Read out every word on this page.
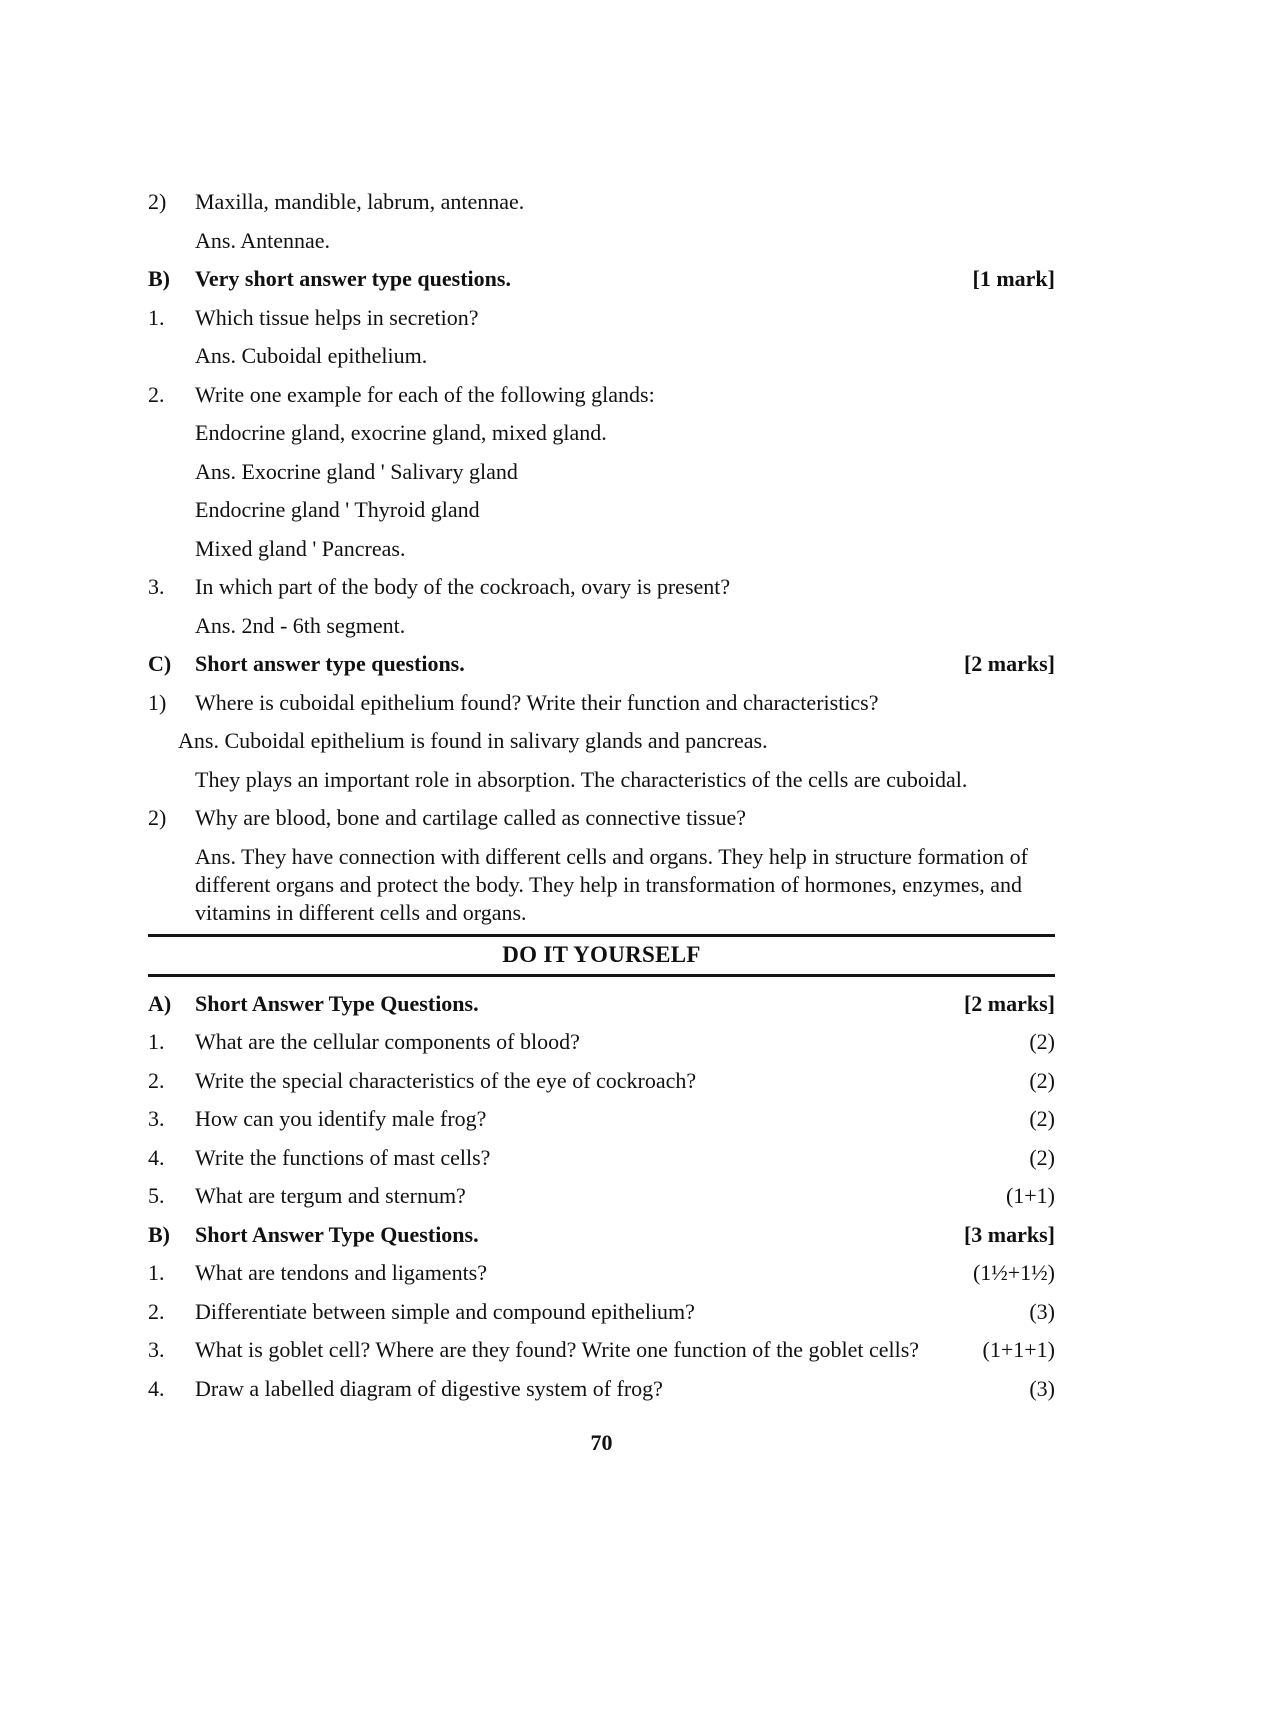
2)	Maxilla, mandible, labrum, antennae.
Ans. Antennae.
B)	Very short answer type questions.	[1 mark]
1.	Which tissue helps in secretion?
Ans. Cuboidal epithelium.
2.	Write one example for each of the following glands:
Endocrine gland, exocrine gland, mixed gland.
Ans. Exocrine gland ' Salivary gland
Endocrine gland ' Thyroid gland
Mixed gland ' Pancreas.
3.	In which part of the body of the cockroach, ovary is present?
Ans. 2nd - 6th segment.
C)	Short answer type questions.	[2 marks]
1)	Where is cuboidal epithelium found? Write their function and characteristics?
Ans. Cuboidal epithelium is found in salivary glands and pancreas.
They plays an important role in absorption. The characteristics of the cells are cuboidal.
2)	Why are blood, bone and cartilage called as connective tissue?
Ans. They have connection with different cells and organs. They help in structure formation of different organs and protect the body. They help in transformation of hormones, enzymes, and vitamins in different cells and organs.
DO IT YOURSELF
A)	Short Answer Type Questions.	[2 marks]
1.	What are the cellular components of blood?	(2)
2.	Write the special characteristics of the eye of cockroach?	(2)
3.	How can you identify male frog?	(2)
4.	Write the functions of mast cells?	(2)
5.	What are tergum and sternum?	(1+1)
B)	Short Answer Type Questions.	[3 marks]
1.	What are tendons and ligaments?	(1½+1½)
2.	Differentiate between simple and compound epithelium?	(3)
3.	What is goblet cell? Where are they found? Write one function of the goblet cells?	(1+1+1)
4.	Draw a labelled diagram of digestive system of frog?	(3)
70
